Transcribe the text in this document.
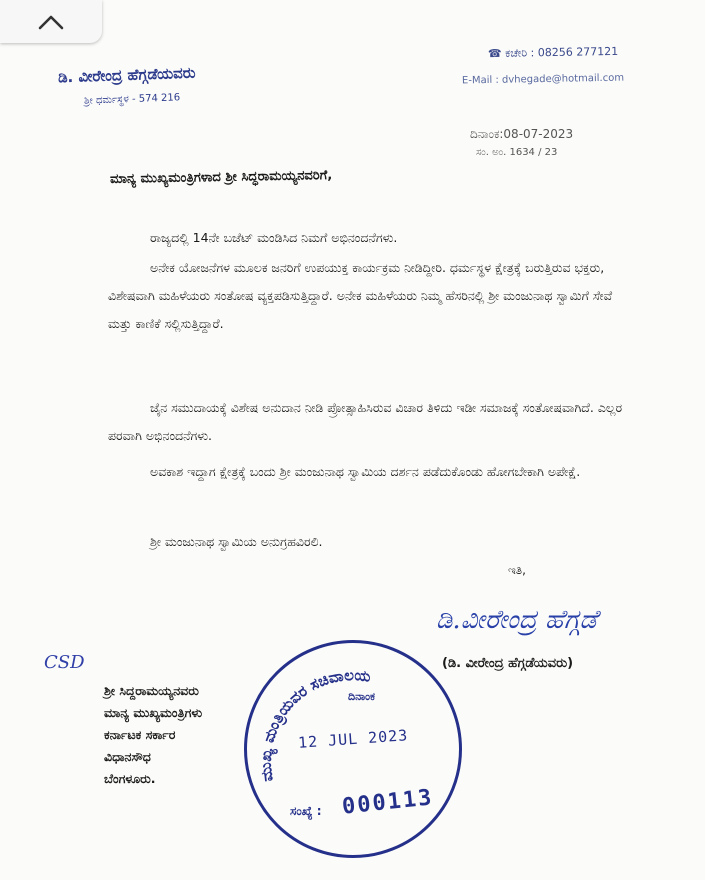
ಡಿ. ವೀರೇಂದ್ರ ಹೆಗ್ಗಡೆಯವರು
ಶ್ರೀ ಧರ್ಮಸ್ಥಳ - 574 216
☎ ಕಚೇರಿ : 08256 277121
E-Mail : dvhegade@hotmail.com
ದಿನಾಂಕ:08-07-2023
ಸಂ. ಅಂ. 1634 / 23
ಮಾನ್ಯ ಮುಖ್ಯಮಂತ್ರಿಗಳಾದ ಶ್ರೀ ಸಿದ್ಧರಾಮಯ್ಯನವರಿಗೆ,
ರಾಜ್ಯದಲ್ಲಿ 14ನೇ ಬಜೆಟ್ ಮಂಡಿಸಿದ ನಿಮಗೆ ಅಭಿನಂದನೆಗಳು.
ಅನೇಕ ಯೋಜನೆಗಳ ಮೂಲಕ ಜನರಿಗೆ ಉಪಯುಕ್ತ ಕಾರ್ಯಕ್ರಮ ನೀಡಿದ್ದೀರಿ. ಧರ್ಮಸ್ಥಳ ಕ್ಷೇತ್ರಕ್ಕೆ ಬರುತ್ತಿರುವ ಭಕ್ತರು, ವಿಶೇಷವಾಗಿ ಮಹಿಳೆಯರು ಸಂತೋಷ ವ್ಯಕ್ತಪಡಿಸುತ್ತಿದ್ದಾರೆ. ಅನೇಕ ಮಹಿಳೆಯರು ನಿಮ್ಮ ಹೆಸರಿನಲ್ಲಿ ಶ್ರೀ ಮಂಜುನಾಥ ಸ್ವಾಮಿಗೆ ಸೇವೆ ಮತ್ತು ಕಾಣಿಕೆ ಸಲ್ಲಿಸುತ್ತಿದ್ದಾರೆ.
ಜೈನ ಸಮುದಾಯಕ್ಕೆ ವಿಶೇಷ ಅನುದಾನ ನೀಡಿ ಪ್ರೋತ್ಸಾಹಿಸಿರುವ ವಿಚಾರ ತಿಳಿದು ಇಡೀ ಸಮಾಜಕ್ಕೆ ಸಂತೋಷವಾಗಿದೆ. ಎಲ್ಲರ ಪರವಾಗಿ ಅಭಿನಂದನೆಗಳು.
ಅವಕಾಶ ಇದ್ದಾಗ ಕ್ಷೇತ್ರಕ್ಕೆ ಬಂದು ಶ್ರೀ ಮಂಜುನಾಥ ಸ್ವಾಮಿಯ ದರ್ಶನ ಪಡೆದುಕೊಂಡು ಹೋಗಬೇಕಾಗಿ ಅಪೇಕ್ಷೆ.
ಶ್ರೀ ಮಂಜುನಾಥ ಸ್ವಾಮಿಯ ಅನುಗ್ರಹವಿರಲಿ.
ಇತಿ,
ಡಿ.ವೀರೇಂದ್ರ ಹೆಗ್ಗಡೆ
(ಡಿ. ವೀರೇಂದ್ರ ಹೆಗ್ಗಡೆಯವರು)
CSD
ಶ್ರೀ ಸಿದ್ದರಾಮಯ್ಯನವರು
ಮಾನ್ಯ ಮುಖ್ಯಮಂತ್ರಿಗಳು
ಕರ್ನಾಟಕ ಸರ್ಕಾರ
ವಿಧಾನಸೌಧ
ಬೆಂಗಳೂರು.	ಮುಖ್ಯ ಮಂತ್ರಿಯವರ ಸಚಿವಾಲಯ
ದಿನಾಂಕ
12 JUL 2023
ಸಂಖ್ಯೆ : 000113
